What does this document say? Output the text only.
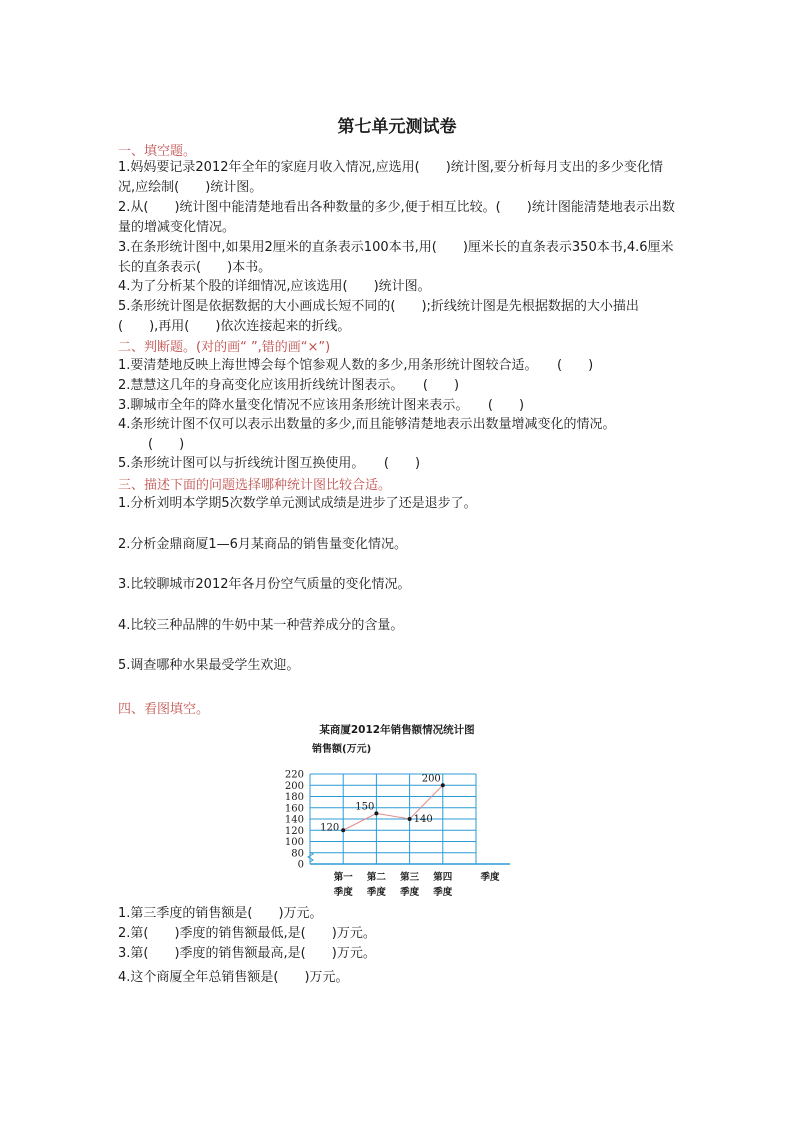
第七单元测试卷
一、填空题。
1.妈妈要记录2012年全年的家庭月收入情况,应选用(　　)统计图,要分析每月支出的多少变化情况,应绘制(　　)统计图。
2.从(　　)统计图中能清楚地看出各种数量的多少,便于相互比较。(　　)统计图能清楚地表示出数量的增减变化情况。
3.在条形统计图中,如果用2厘米的直条表示100本书,用(　　)厘米长的直条表示350本书,4.6厘米长的直条表示(　　)本书。
4.为了分析某个股的详细情况,应该选用(　　)统计图。
5.条形统计图是依据数据的大小画成长短不同的(　　);折线统计图是先根据数据的大小描出(　　),再用(　　)依次连接起来的折线。
二、判断题。(对的画“ ”,错的画“×”)
1.要清楚地反映上海世博会每个馆参观人数的多少,用条形统计图较合适。　　(　　)
2.慧慧这几年的身高变化应该用折线统计图表示。　　(　　)
3.聊城市全年的降水量变化情况不应该用条形统计图来表示。　　(　　)
4.条形统计图不仅可以表示出数量的多少,而且能够清楚地表示出数量增减变化的情况。
(　　)
5.条形统计图可以与折线统计图互换使用。　　(　　)
三、描述下面的问题选择哪种统计图比较合适。
1.分析刘明本学期5次数学单元测试成绩是进步了还是退步了。
2.分析金鼎商厦1—6月某商品的销售量变化情况。
3.比较聊城市2012年各月份空气质量的变化情况。
4.比较三种品牌的牛奶中某一种营养成分的含量。
5.调查哪种水果最受学生欢迎。
四、看图填空。
某商厦2012年销售额情况统计图
销售额(万元)
0
80
100
120
140
160
180
200
220
120
150
140
200
第一
季度
第二
季度
第三
季度
第四
季度
季度
1.第三季度的销售额是(　　)万元。
2.第(　　)季度的销售额最低,是(　　)万元。
3.第(　　)季度的销售额最高,是(　　)万元。
4.这个商厦全年总销售额是(　　)万元。
